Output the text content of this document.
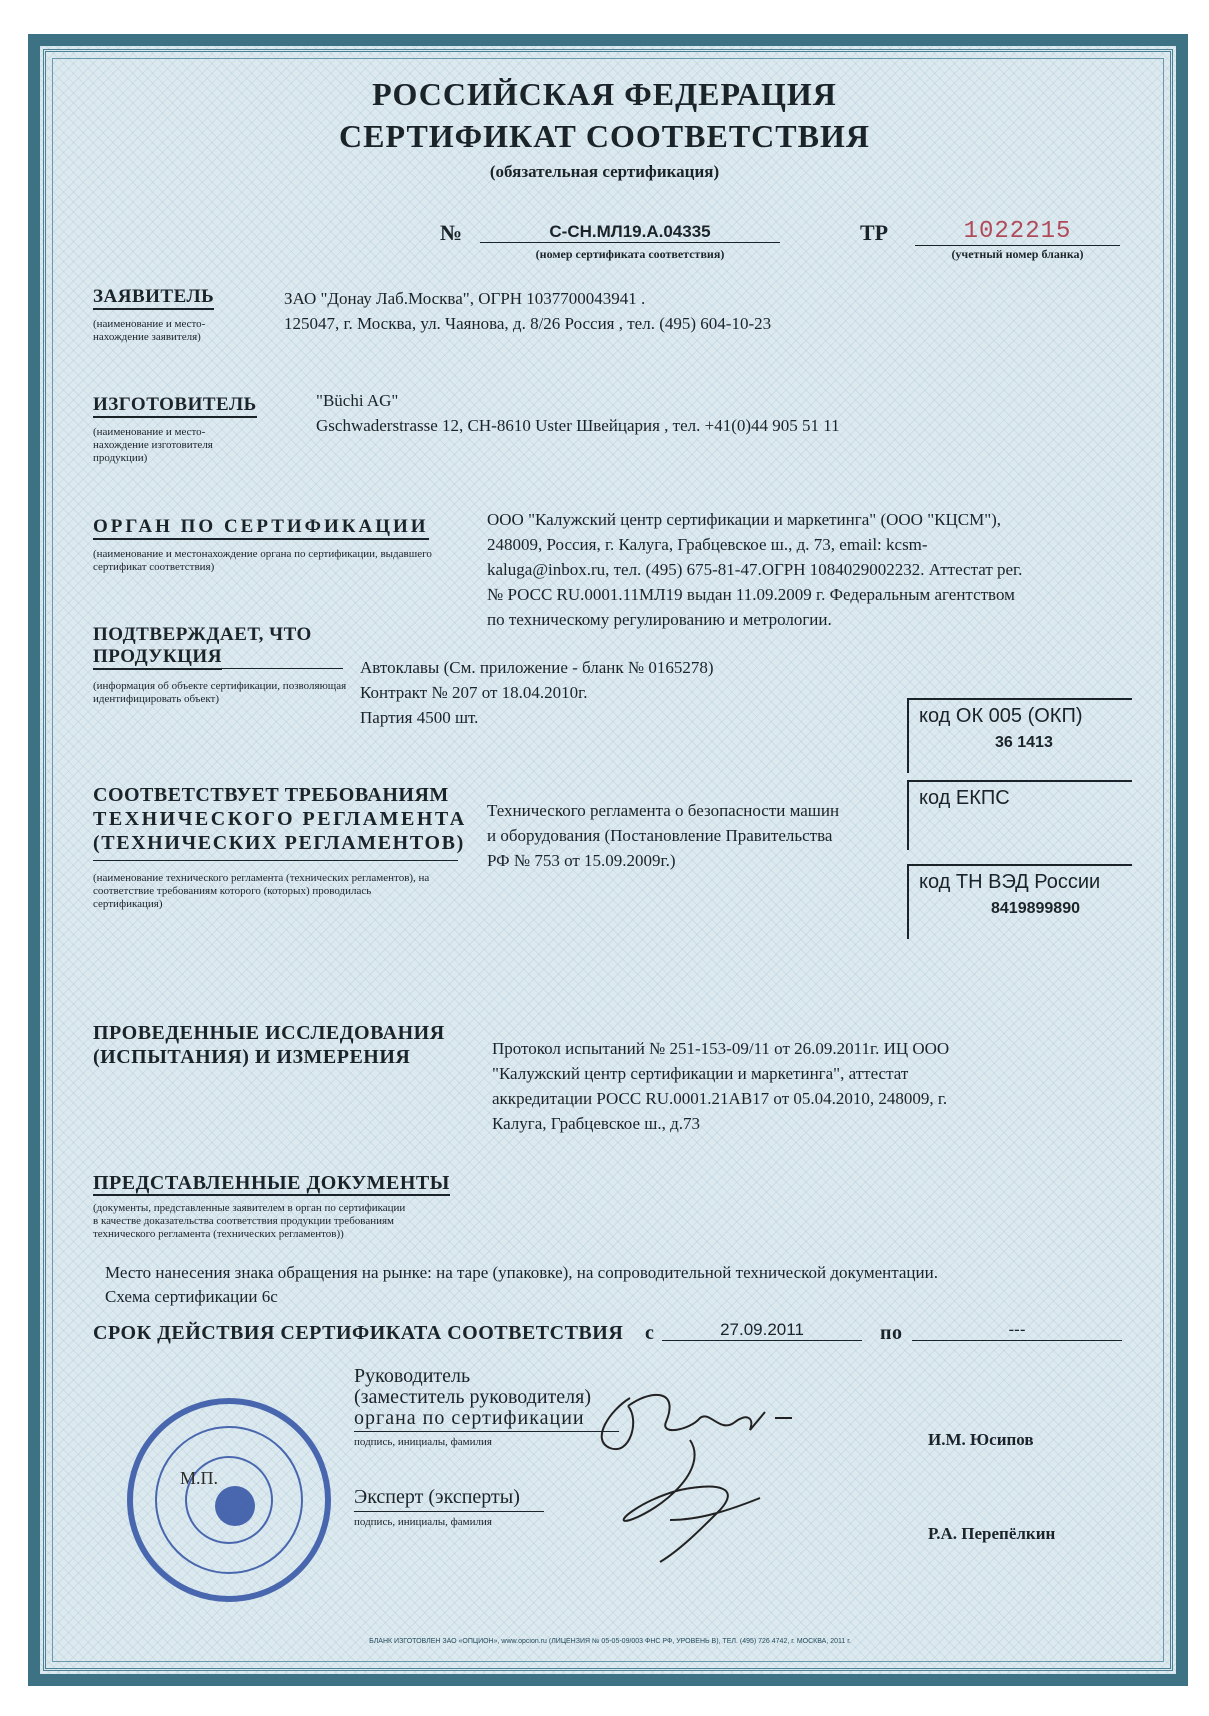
РОССИЙСКАЯ ФЕДЕРАЦИЯ
СЕРТИФИКАТ СООТВЕТСТВИЯ
(обязательная сертификация)
№	С-CH.МЛ19.А.04335
(номер сертификата соответствия)
ТР	1022215
(учетный номер бланка)
ЗАЯВИТЕЛЬ
(наименование и место-нахождение заявителя)
ЗАО "Донау Лаб.Москва", ОГРН 1037700043941 .
125047, г. Москва, ул. Чаянова, д. 8/26 Россия , тел. (495) 604-10-23
ИЗГОТОВИТЕЛЬ
(наименование и место-нахождение изготовителя продукции)
"Büchi AG"
Gschwaderstrasse 12, CH-8610 Uster Швейцария , тел. +41(0)44 905 51 11
ОРГАН ПО СЕРТИФИКАЦИИ
(наименование и местонахождение органа по сертификации, выдавшего сертификат соответствия)
ООО "Калужский центр сертификации и маркетинга" (ООО "КЦСМ"),
248009, Россия, г. Калуга, Грабцевское ш., д. 73, email: kcsm-
kaluga@inbox.ru, тел. (495) 675-81-47.ОГРН 1084029002232. Аттестат рег.
№ РОСС RU.0001.11МЛ19 выдан 11.09.2009 г. Федеральным агентством
по техническому регулированию и метрологии.
ПОДТВЕРЖДАЕТ, ЧТО
ПРОДУКЦИЯ
(информация об объекте сертификации, позволяющая идентифицировать объект)
Автоклавы (См. приложение - бланк № 0165278)
Контракт № 207 от 18.04.2010г.
Партия 4500 шт.	код ОК 005 (ОКП)
36 1413
код ЕКПС
код ТН ВЭД России
8419899890
СООТВЕТСТВУЕТ ТРЕБОВАНИЯМ
ТЕХНИЧЕСКОГО РЕГЛАМЕНТА
(ТЕХНИЧЕСКИХ РЕГЛАМЕНТОВ)
(наименование технического регламента (технических регламентов), на соответствие требованиям которого (которых) проводилась сертификация)
Технического регламента о безопасности машин
и оборудования (Постановление Правительства
РФ № 753 от 15.09.2009г.)
ПРОВЕДЕННЫЕ ИССЛЕДОВАНИЯ
(ИСПЫТАНИЯ) И ИЗМЕРЕНИЯ	Протокол испытаний № 251-153-09/11 от 26.09.2011г. ИЦ ООО
"Калужский центр сертификации и маркетинга", аттестат
аккредитации РОСС RU.0001.21АВ17 от 05.04.2010, 248009, г.
Калуга, Грабцевское ш., д.73
ПРЕДСТАВЛЕННЫЕ ДОКУМЕНТЫ
(документы, представленные заявителем в орган по сертификации в качестве доказательства соответствия продукции требованиям технического регламента (технических регламентов))
Место нанесения знака обращения на рынке: на таре (упаковке), на сопроводительной технической документации.
Схема сертификации 6с
СРОК ДЕЙСТВИЯ СЕРТИФИКАТА СООТВЕТСТВИЯ с	27.09.2011	по	---
Руководитель
(заместитель руководителя)
органа по сертификации
подпись, инициалы, фамилия	И.М. Юсипов
Эксперт (эксперты)
подпись, инициалы, фамилия
Р.А. Перепёлкин
М.П.
БЛАНК ИЗГОТОВЛЕН ЗАО «ОПЦИОН», www.opcion.ru (ЛИЦЕНЗИЯ № 05-05-09/003 ФНС РФ, УРОВЕНЬ В), ТЕЛ. (495) 726 4742, г. МОСКВА, 2011 г.
